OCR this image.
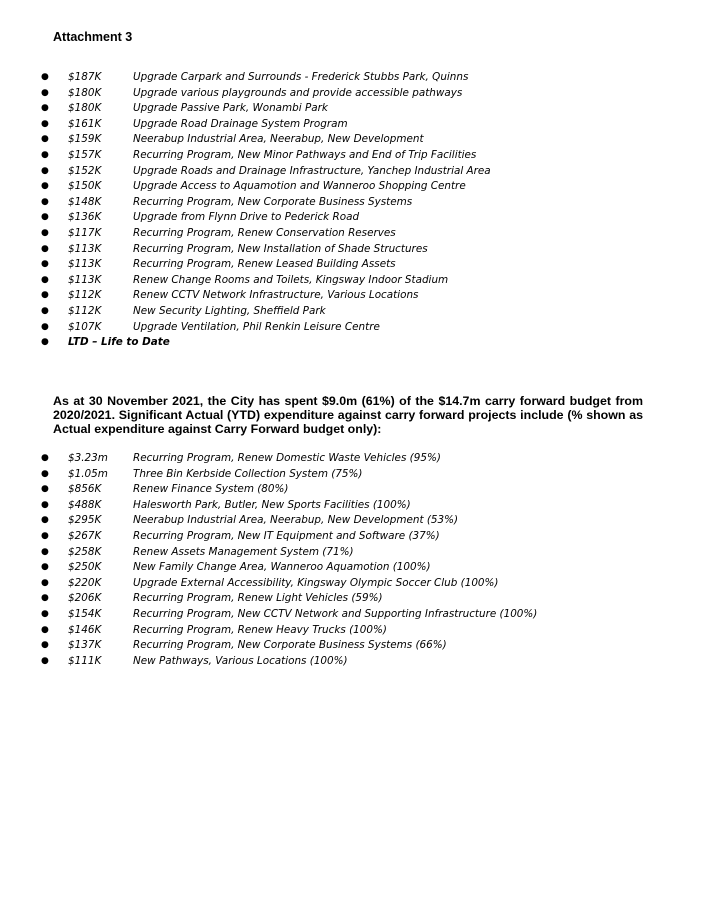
Attachment 3
● $187K	Upgrade Carpark and Surrounds - Frederick Stubbs Park, Quinns
● $180K	Upgrade various playgrounds and provide accessible pathways
● $180K	Upgrade Passive Park, Wonambi Park
● $161K	Upgrade Road Drainage System Program
● $159K	Neerabup Industrial Area, Neerabup, New Development
● $157K	Recurring Program, New Minor Pathways and End of Trip Facilities
● $152K	Upgrade Roads and Drainage Infrastructure, Yanchep Industrial Area
● $150K	Upgrade Access to Aquamotion and Wanneroo Shopping Centre
● $148K	Recurring Program, New Corporate Business Systems
● $136K	Upgrade from Flynn Drive to Pederick Road
● $117K	Recurring Program, Renew Conservation Reserves
● $113K	Recurring Program, New Installation of Shade Structures
● $113K	Recurring Program, Renew Leased Building Assets
● $113K	Renew Change Rooms and Toilets, Kingsway Indoor Stadium
● $112K	Renew CCTV Network Infrastructure, Various Locations
● $112K	New Security Lighting, Sheffield Park
● $107K	Upgrade Ventilation, Phil Renkin Leisure Centre
● LTD – Life to Date

As at 30 November 2021, the City has spent $9.0m (61%) of the $14.7m carry forward budget from 2020/2021. Significant Actual (YTD) expenditure against carry forward projects include (% shown as Actual expenditure against Carry Forward budget only):

● $3.23m Recurring Program, Renew Domestic Waste Vehicles (95%)
● $1.05m Three Bin Kerbside Collection System (75%)
● $856K	Renew Finance System (80%)
● $488K	Halesworth Park, Butler, New Sports Facilities (100%)
● $295K	Neerabup Industrial Area, Neerabup, New Development (53%)
● $267K	Recurring Program, New IT Equipment and Software (37%)
● $258K	Renew Assets Management System (71%)
● $250K	New Family Change Area, Wanneroo Aquamotion (100%)
● $220K	Upgrade External Accessibility, Kingsway Olympic Soccer Club (100%)
● $206K	Recurring Program, Renew Light Vehicles (59%)
● $154K	Recurring Program, New CCTV Network and Supporting Infrastructure (100%)
● $146K	Recurring Program, Renew Heavy Trucks (100%)
● $137K	Recurring Program, New Corporate Business Systems (66%)
● $111K	New Pathways, Various Locations (100%)
